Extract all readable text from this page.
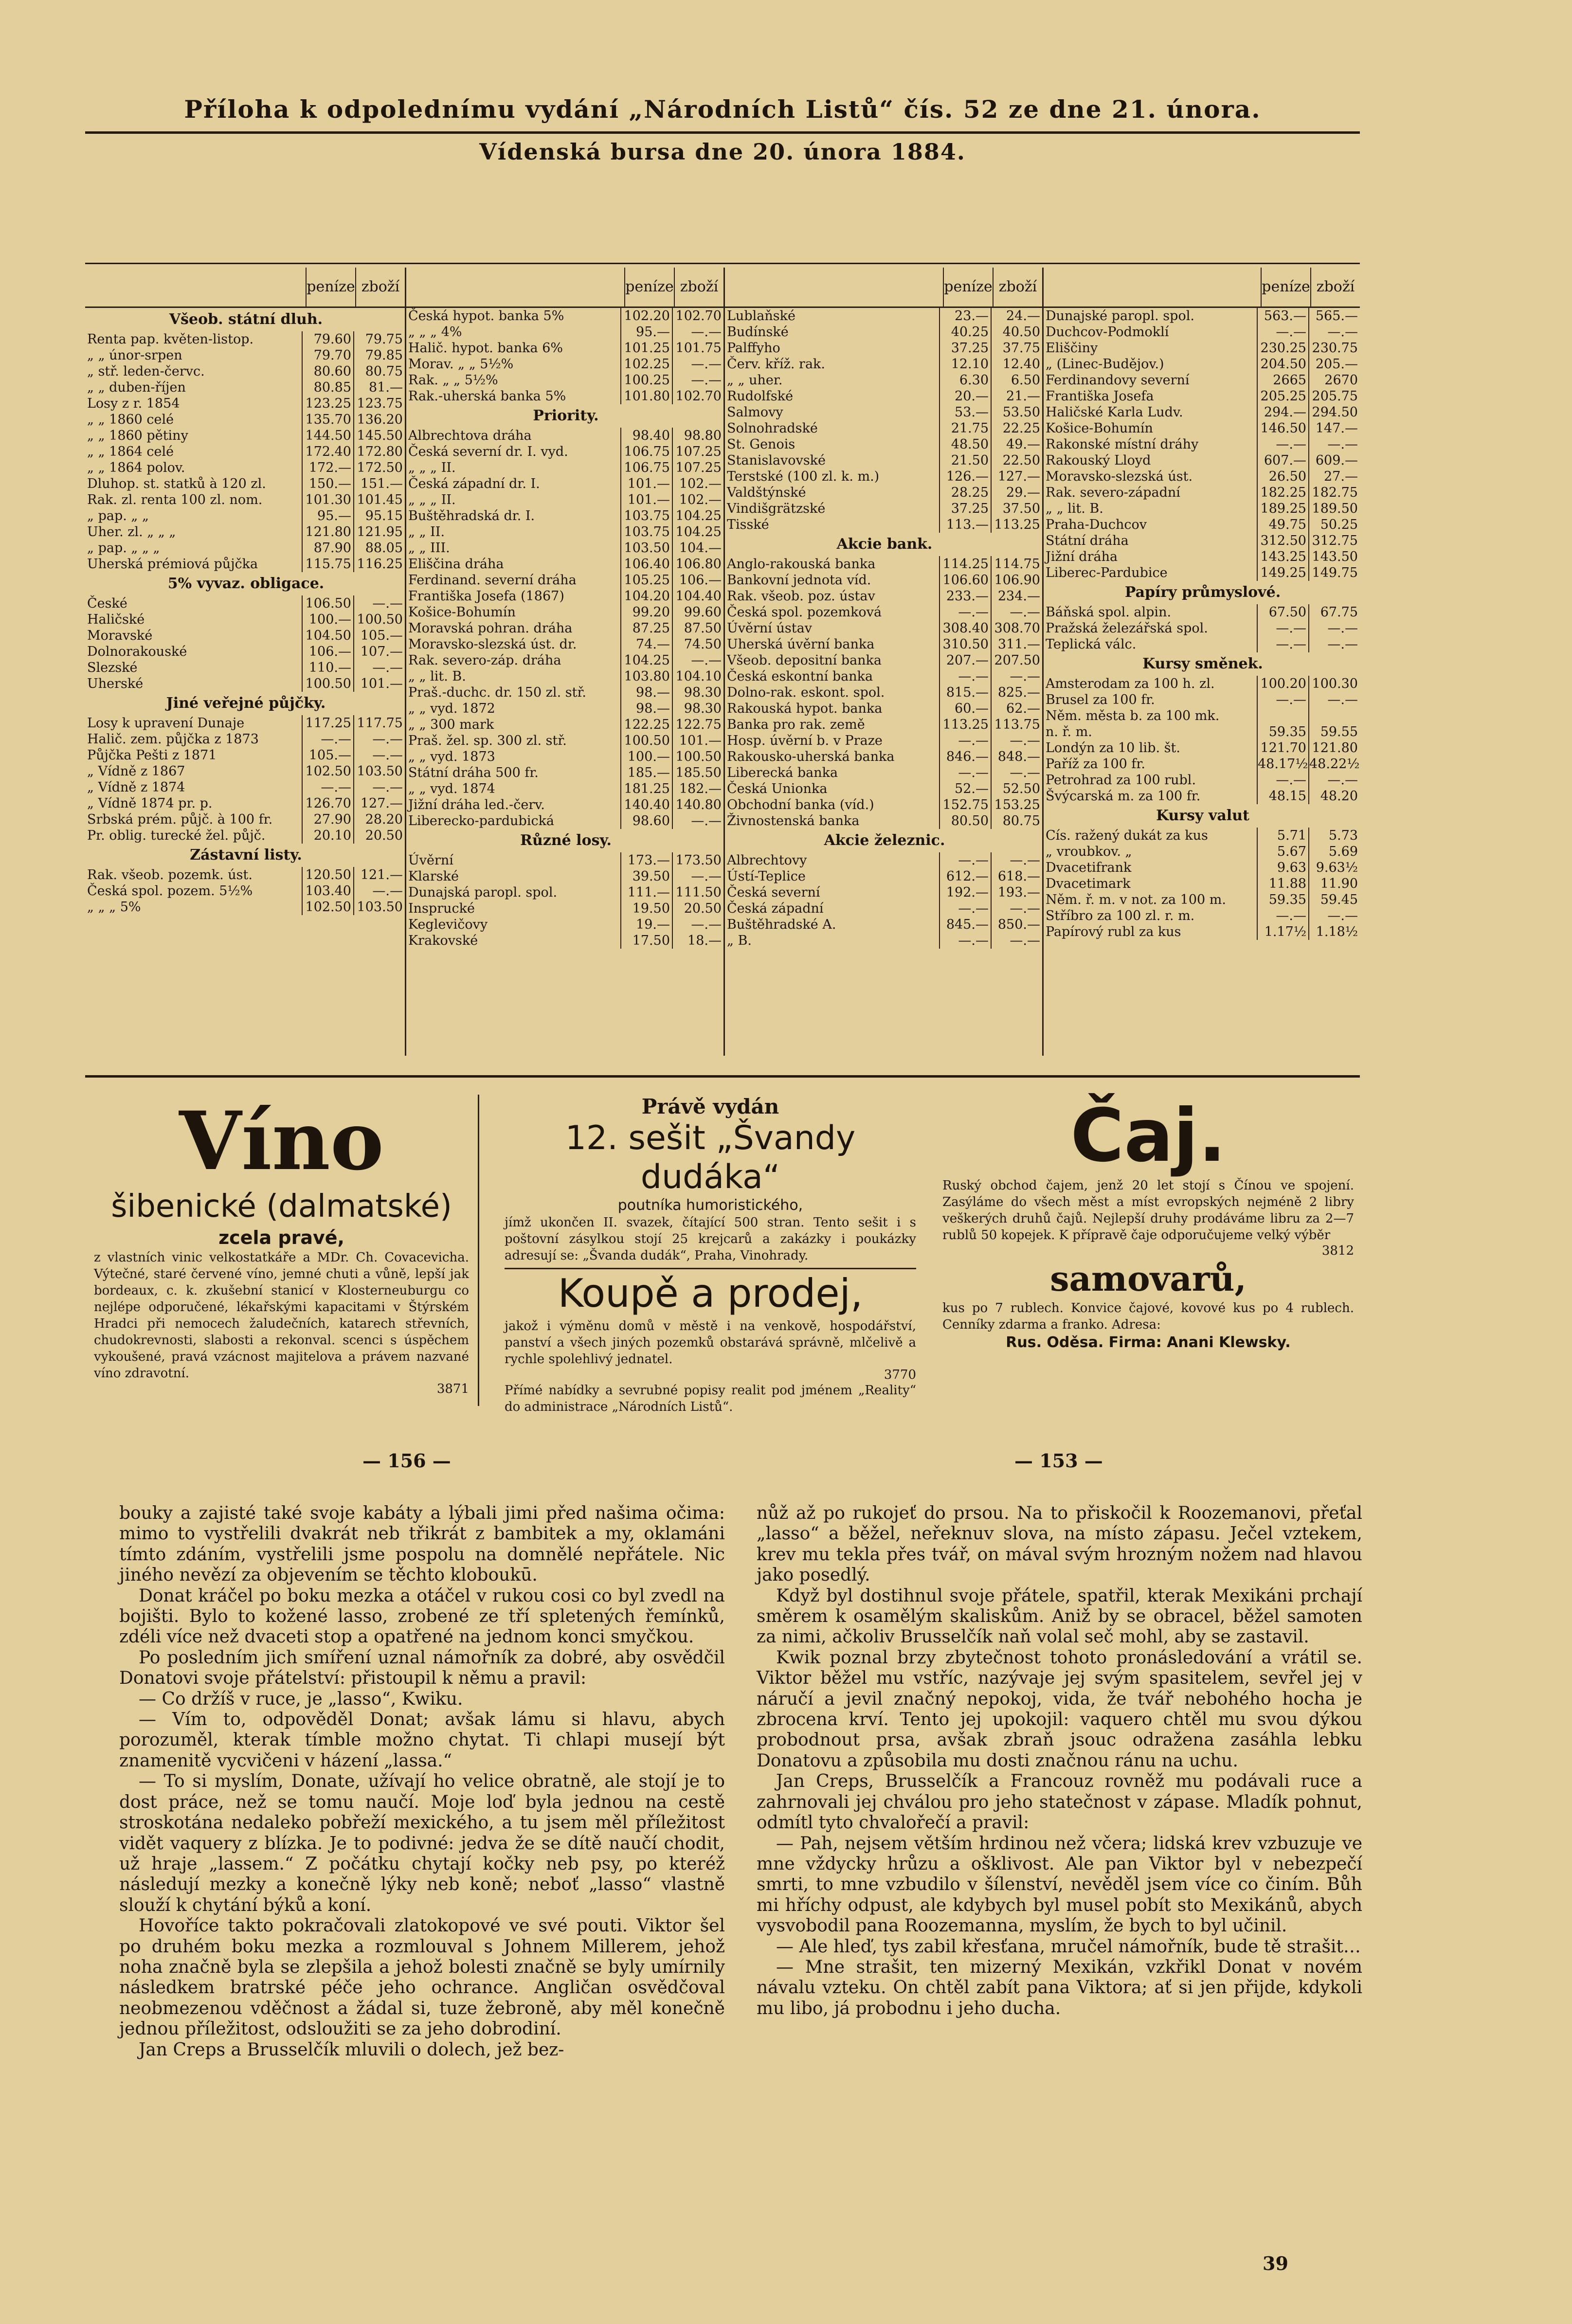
Příloha k odpolednímu vydání „Národních Listů“ čís. 52 ze dne 21. února.
Vídenská bursa dne 20. února 1884.
peníze zboží
Všeob. státní dluh.
Renta pap. květen-listop.	79.60	79.75
„ „ únor-srpen	79.70	79.85
„ stř. leden-červc.	80.60	80.75
„ „ duben-říjen	80.85	81.—
Losy z r. 1854	123.25 123.75
„ „ 1860 celé	135.70 136.20
„ „ 1860 pětiny	144.50 145.50
„ „ 1864 celé	172.40 172.80
„ „ 1864 polov.	172.— 172.50
Dluhop. st. statků à 120 zl.	150.— 151.—
Rak. zl. renta 100 zl. nom.	101.30 101.45
„ pap. „ „	95.—	95.15
Uher. zl. „ „ „	121.80 121.95
„ pap. „ „ „	87.90	88.05
Uherská prémiová půjčka	115.75 116.25
5% vyvaz. obligace.
České	106.50	—.—
Haličské	100.— 100.50
Moravské	104.50 105.—
Dolnorakouské	106.— 107.—
Slezské	110.—	—.—
Uherské	100.50 101.—
Jiné veřejné půjčky.
Losy k upravení Dunaje	117.25 117.75
Halič. zem. půjčka z 1873	—.—	—.—
Půjčka Pešti z 1871	105.—	—.—
„ Vídně z 1867	102.50 103.50
„ Vídně z 1874	—.—	—.—
„ Vídně 1874 pr. p.	126.70 127.—
Srbská prém. půjč. à 100 fr.	27.90	28.20
Pr. oblig. turecké žel. půjč.	20.10	20.50
Zástavní listy.
Rak. všeob. pozemk. úst.	120.50 121.—
Česká spol. pozem. 5½%	103.40	—.—
„ „ „ 5%	102.50 103.50
peníze zboží
Česká hypot. banka 5%	102.20 102.70
„ „ „ 4%	95.—	—.—
Halič. hypot. banka 6%	101.25 101.75
Morav. „ „ 5½%	102.25	—.—
Rak. „ „ 5½%	100.25	—.—
Rak.-uherská banka 5%	101.80 102.70
Priority.
Albrechtova dráha	98.40	98.80
Česká severní dr. I. vyd.	106.75 107.25
„ „ „ II.	106.75 107.25
Česká západní dr. I.	101.— 102.—
„ „ „ II.	101.— 102.—
Buštěhradská dr. I.	103.75 104.25
„ „ II.	103.75 104.25
„ „ III.	103.50 104.—
Eliščina dráha	106.40 106.80
Ferdinand. severní dráha	105.25 106.—
Františka Josefa (1867)	104.20 104.40
Košice-Bohumín	99.20	99.60
Moravská pohran. dráha	87.25	87.50
Moravsko-slezská úst. dr.	74.—	74.50
Rak. severo-záp. dráha	104.25	—.—
„ „ lit. B.	103.80 104.10
Praš.-duchc. dr. 150 zl. stř.	98.—	98.30
„ „ vyd. 1872	98.—	98.30
„ „ 300 mark	122.25 122.75
Praš. žel. sp. 300 zl. stř.	100.50 101.—
„ „ vyd. 1873	100.— 100.50
Státní dráha 500 fr.	185.— 185.50
„ „ vyd. 1874	181.25 182.—
Jižní dráha led.-červ.	140.40 140.80
Liberecko-pardubická	98.60	—.—
Různé losy.
Úvěrní	173.— 173.50
Klarské	39.50	—.—
Dunajská paropl. spol.	111.— 111.50
Insprucké	19.50	20.50
Keglevičovy	19.—	—.—
Krakovské	17.50	18.—
peníze zboží
Lublaňské	23.—	24.—
Budínské	40.25	40.50
Palffyho	37.25	37.75
Červ. kříž. rak.	12.10	12.40
„ „ uher.	6.30	6.50
Rudolfské	20.—	21.—
Salmovy	53.—	53.50
Solnohradské	21.75	22.25
St. Genois	48.50	49.—
Stanislavovské	21.50	22.50
Terstské (100 zl. k. m.)	126.— 127.—
Valdštýnské	28.25	29.—
Vindišgrätzské	37.25	37.50
Tisské	113.— 113.25
Akcie bank.
Anglo-rakouská banka	114.25 114.75
Bankovní jednota víd.	106.60 106.90
Rak. všeob. poz. ústav	233.— 234.—
Česká spol. pozemková	—.—	—.—
Úvěrní ústav	308.40 308.70
Uherská úvěrní banka	310.50 311.—
Všeob. depositní banka	207.— 207.50
Česká eskontní banka	—.—	—.—
Dolno-rak. eskont. spol.	815.— 825.—
Rakouská hypot. banka	60.—	62.—
Banka pro rak. země	113.25 113.75
Hosp. úvěrní b. v Praze	—.—	—.—
Rakousko-uherská banka	846.— 848.—
Liberecká banka	—.—	—.—
Česká Unionka	52.—	52.50
Obchodní banka (víd.)	152.75 153.25
Živnostenská banka	80.50	80.75
Akcie železnic.
Albrechtovy	—.—	—.—
Ústí-Teplice	612.— 618.—
Česká severní	192.— 193.—
Česká západní	—.—	—.—
Buštěhradské A.	845.— 850.—
„ B.	—.—	—.—
peníze zboží
Dunajské paropl. spol.	563.— 565.—
Duchcov-Podmoklí	—.—	—.—
Eliščiny	230.25 230.75
„ (Linec-Budějov.)	204.50 205.—
Ferdinandovy severní	2665	2670
Františka Josefa	205.25 205.75
Haličské Karla Ludv.	294.— 294.50
Košice-Bohumín	146.50 147.—
Rakonské místní dráhy	—.—	—.—
Rakouský Lloyd	607.— 609.—
Moravsko-slezská úst.	26.50	27.—
Rak. severo-západní	182.25 182.75
„ „ lit. B.	189.25 189.50
Praha-Duchcov	49.75	50.25
Státní dráha	312.50 312.75
Jižní dráha	143.25 143.50
Liberec-Pardubice	149.25 149.75
Papíry průmyslové.
Báňská spol. alpin.	67.50	67.75
Pražská železářská spol.	—.—	—.—
Teplická válc.	—.—	—.—
Kursy směnek.
Amsterodam za 100 h. zl.	100.20 100.30
Brusel za 100 fr.	—.—	—.—
Něm. města b. za 100 mk.
n. ř. m.	59.35	59.55
Londýn za 10 lib. št.	121.70 121.80
Paříž za 100 fr.	48.17½ 48.22½
Petrohrad za 100 rubl.	—.—	—.—
Švýcarská m. za 100 fr.	48.15	48.20
Kursy valut
Cís. ražený dukát za kus	5.71	5.73
„ vroubkov. „	5.67	5.69
Dvacetifrank	9.63 9.63½
Dvacetimark	11.88	11.90
Něm. ř. m. v not. za 100 m.	59.35	59.45
Stříbro za 100 zl. r. m.	—.—	—.—
Papírový rubl za kus	1.17½ 1.18½
Víno
šibenické (dalmatské)
zcela pravé,

z vlastních vinic velkostatkáře a MDr. Ch. Covacevicha. Výtečné, staré červené víno, jemné chuti a vůně, lepší jak bordeaux, c. k. zkušební stanicí v Klosterneuburgu co nejlépe odporučené, lékařskými kapacitami v Štýrském Hradci při nemocech žaludečních, katarech střevních, chudokrevnosti, slabosti a rekonval. scenci s úspěchem vykoušené, pravá vzácnost majitelova a právem nazvané víno zdravotní.

3871
Právě vydán
12. sešit „Švandy dudáka“
poutníka humoristického,

jímž ukončen II. svazek, čítající 500 stran. Tento sešit i s poštovní zásylkou stojí 25 krejcarů a zakázky i poukázky adresují se: „Švanda dudák“, Praha, Vinohrady.

Koupě a prodej,

jakož i výměnu domů v městě i na venkově, hospodářství, panství a všech jiných pozemků obstarává správně, mlčelivě a rychle spolehlivý jednatel.

3770

Přímé nabídky a sevrubné popisy realit pod jménem „Reality“ do administrace „Národních Listů“.

Čaj.

Ruský obchod čajem, jenž 20 let stojí s Čínou ve spojení. Zasýláme do všech měst a míst evropských nejméně 2 libry veškerých druhů čajů. Nejlepší druhy prodáváme libru za 2—7 rublů 50 kopejek. K přípravě čaje odporučujeme velký výběr

3812
samovarů,

kus po 7 rublech. Konvice čajové, kovové kus po 4 rublech. Cenníky zdarma a franko. Adresa:

Rus. Oděsa. Firma: Anani Klewsky.
— 156 —	— 153 —

bouky a zajisté také svoje kabáty a lýbali jimi před našima očima: mimo to vystřelili dvakrát neb třikrát z bambitek a my, oklamáni tímto zdáním, vystřelili jsme pospolu na domnělé nepřátele. Nic jiného nevězí za objevením se těchto kloboukū.

Donat kráčel po boku mezka a otáčel v rukou cosi co byl zvedl na bojišti. Bylo to kožené lasso, zrobené ze tří spletených řemínků, zdéli více než dvaceti stop a opatřené na jednom konci smyčkou.

Po posledním jich smíření uznal námořník za dobré, aby osvědčil Donatovi svoje přátelství: přistoupil k němu a pravil:

— Co držíš v ruce, je „lasso“, Kwiku.

— Vím to, odpověděl Donat; avšak lámu si hlavu, abych porozuměl, kterak tímble možno chytat. Ti chlapi musejí být znamenitě vycvičeni v házení „lassa.“

— To si myslím, Donate, užívají ho velice obratně, ale stojí je to dost práce, než se tomu naučí. Moje loď byla jednou na cestě stroskotána nedaleko pobřeží mexického, a tu jsem měl příležitost vidět vaquery z blízka. Je to podivné: jedva že se dítě naučí chodit, už hraje „lassem.“ Z počátku chytají kočky neb psy, po kteréž následují mezky a konečně lýky neb koně; neboť „lasso“ vlastně slouží k chytání býků a koní.

Hovoříce takto pokračovali zlatokopové ve své pouti. Viktor šel po druhém boku mezka a rozmlouval s Johnem Millerem, jehož noha značně byla se zlepšila a jehož bolesti značně se byly umírnily následkem bratrské péče jeho ochrance. Angličan osvědčoval neobmezenou vděčnost a žádal si, tuze žebroně, aby měl konečně jednou příležitost, odsloužiti se za jeho dobrodiní.

Jan Creps a Brusselčík mluvili o dolech, jež bez-

nůž až po rukojeť do prsou. Na to přiskočil k Roozemanovi, přeťal „lasso“ a běžel, neřeknuv slova, na místo zápasu. Ječel vztekem, krev mu tekla přes tvář, on mával svým hrozným nožem nad hlavou jako posedlý.

Když byl dostihnul svoje přátele, spatřil, kterak Mexikáni prchají směrem k osamělým skaliskům. Aniž by se obracel, běžel samoten za nimi, ačkoliv Brusselčík naň volal seč mohl, aby se zastavil.

Kwik poznal brzy zbytečnost tohoto pronásledování a vrátil se. Viktor běžel mu vstříc, nazývaje jej svým spasitelem, sevřel jej v náručí a jevil značný nepokoj, vida, že tvář nebohého hocha je zbrocena krví. Tento jej upokojil: vaquero chtěl mu svou dýkou probodnout prsa, avšak zbraň jsouc odražena zasáhla lebku Donatovu a způsobila mu dosti značnou ránu na uchu.

Jan Creps, Brusselčík a Francouz rovněž mu podávali ruce a zahrnovali jej chválou pro jeho statečnost v zápase. Mladík pohnut, odmítl tyto chvalořečí a pravil:

— Pah, nejsem větším hrdinou než včera; lidská krev vzbuzuje ve mne vždycky hrůzu a ošklivost. Ale pan Viktor byl v nebezpečí smrti, to mne vzbudilo v šílenství, nevěděl jsem více co činím. Bůh mi hříchy odpust, ale kdybych byl musel pobít sto Mexikánů, abych vysvobodil pana Roozemanna, myslím, že bych to byl učinil.

— Ale hleď, tys zabil křesťana, mručel námořník, bude tě strašit…

— Mne strašit, ten mizerný Mexikán, vzkřikl Donat v novém návalu vzteku. On chtěl zabít pana Viktora; ať si jen přijde, kdykoli mu libo, já probodnu i jeho duchа.

39
